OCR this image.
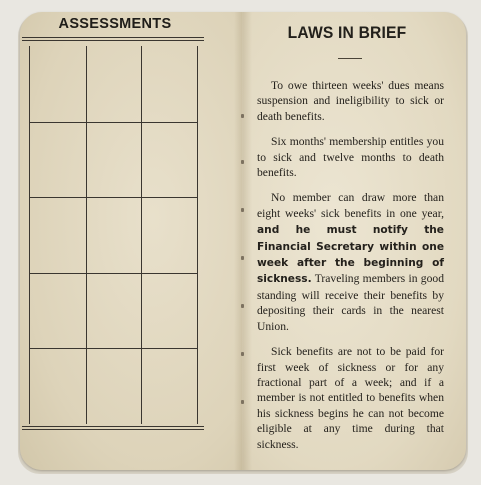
ASSESSMENTS	LAWS IN BRIEF

To owe thirteen weeks' dues means suspension and ineligibility to sick or death benefits.

Six months' membership entitles you to sick and twelve months to death benefits.

No member can draw more than eight weeks' sick benefits in one year, and he must notify the Financial Secretary within one week after the beginning of sickness. Traveling members in good standing will receive their benefits by depositing their cards in the nearest Union.

Sick benefits are not to be paid for first week of sickness or for any fractional part of a week; and if a member is not entitled to benefits when his sickness begins he can not become eligible at any time during that sickness.
